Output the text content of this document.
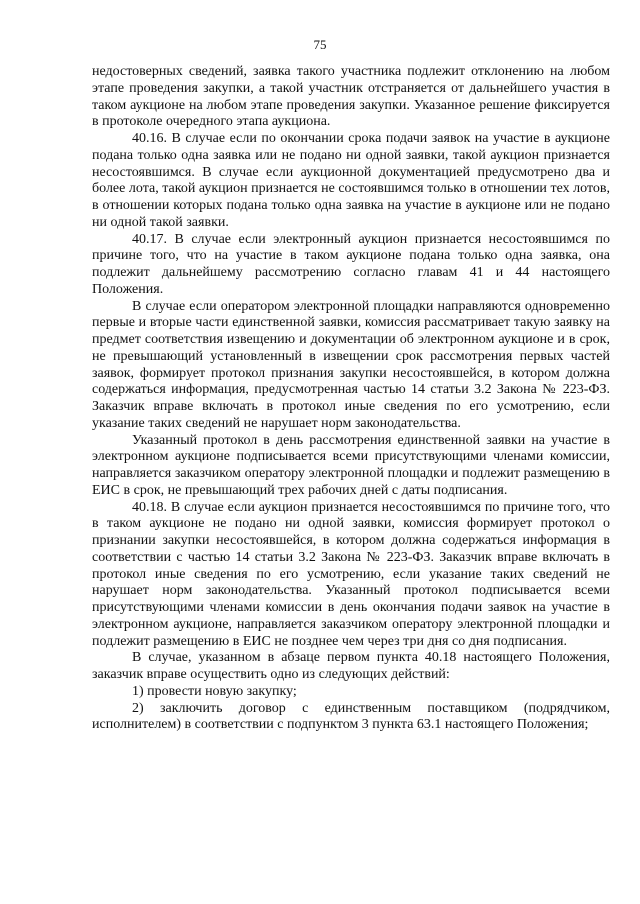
75

недостоверных сведений, заявка такого участника подлежит отклонению на любом этапе проведения закупки, а такой участник отстраняется от дальнейшего участия в таком аукционе на любом этапе проведения закупки. Указанное решение фиксируется в протоколе очередного этапа аукциона.

40.16. В случае если по окончании срока подачи заявок на участие в аукционе подана только одна заявка или не подано ни одной заявки, такой аукцион признается несостоявшимся. В случае если аукционной документацией предусмотрено два и более лота, такой аукцион признается не состоявшимся только в отношении тех лотов, в отношении которых подана только одна заявка на участие в аукционе или не подано ни одной такой заявки.

40.17. В случае если электронный аукцион признается несостоявшимся по причине того, что на участие в таком аукционе подана только одна заявка, она подлежит дальнейшему рассмотрению согласно главам 41 и 44 настоящего Положения.

В случае если оператором электронной площадки направляются одновременно первые и вторые части единственной заявки, комиссия рассматривает такую заявку на предмет соответствия извещению и документации об электронном аукционе и в срок, не превышающий установленный в извещении срок рассмотрения первых частей заявок, формирует протокол признания закупки несостоявшейся, в котором должна содержаться информация, предусмотренная частью 14 статьи 3.2 Закона № 223-ФЗ. Заказчик вправе включать в протокол иные сведения по его усмотрению, если указание таких сведений не нарушает норм законодательства.

Указанный протокол в день рассмотрения единственной заявки на участие в электронном аукционе подписывается всеми присутствующими членами комиссии, направляется заказчиком оператору электронной площадки и подлежит размещению в ЕИС в срок, не превышающий трех рабочих дней с даты подписания.

40.18. В случае если аукцион признается несостоявшимся по причине того, что в таком аукционе не подано ни одной заявки, комиссия формирует протокол о признании закупки несостоявшейся, в котором должна содержаться информация в соответствии с частью 14 статьи 3.2 Закона № 223-ФЗ. Заказчик вправе включать в протокол иные сведения по его усмотрению, если указание таких сведений не нарушает норм законодательства. Указанный протокол подписывается всеми присутствующими членами комиссии в день окончания подачи заявок на участие в электронном аукционе, направляется заказчиком оператору электронной площадки и подлежит размещению в ЕИС не позднее чем через три дня со дня подписания.

В случае, указанном в абзаце первом пункта 40.18 настоящего Положения, заказчик вправе осуществить одно из следующих действий:

1) провести новую закупку;

2) заключить договор с единственным поставщиком (подрядчиком, исполнителем) в соответствии с подпунктом 3 пункта 63.1 настоящего Положения;
